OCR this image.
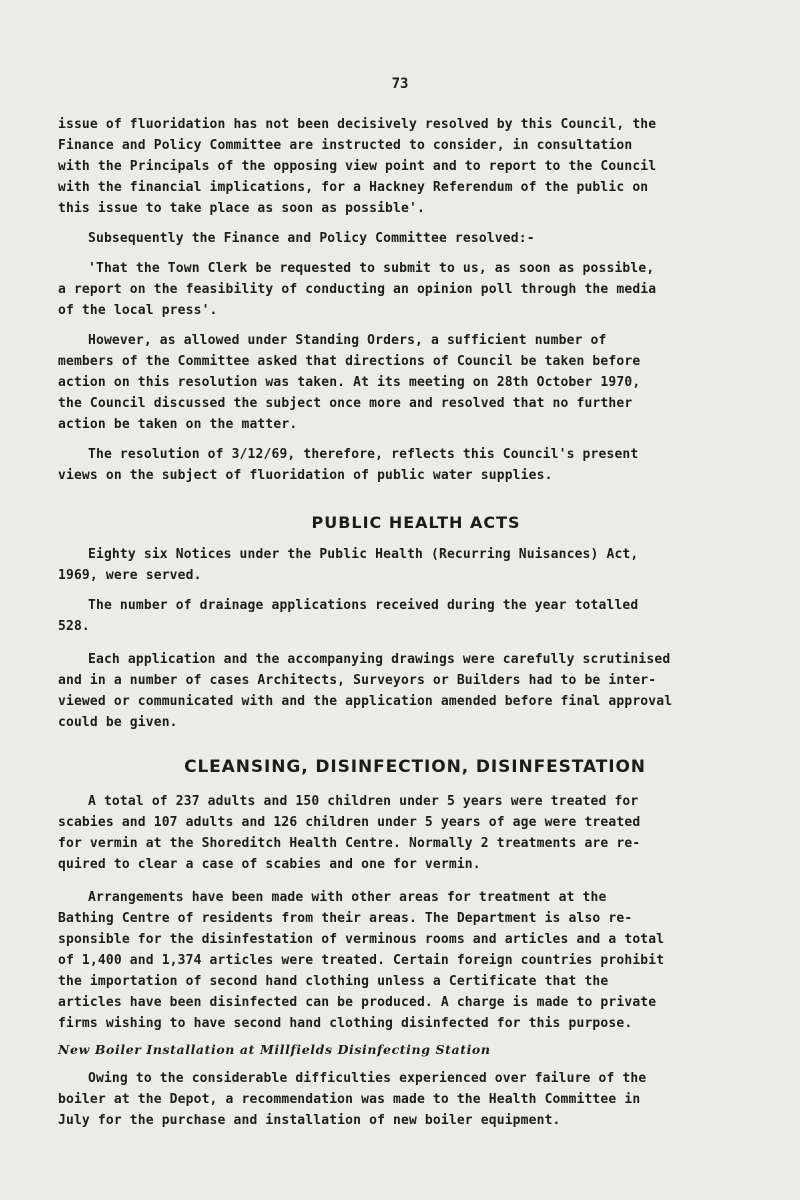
73

issue of fluoridation has not been decisively resolved by this Council, the
Finance and Policy Committee are instructed to consider, in consultation
with the Principals of the opposing view point and to report to the Council
with the financial implications, for a Hackney Referendum of the public on
this issue to take place as soon as possible'.

Subsequently the Finance and Policy Committee resolved:-

'That the Town Clerk be requested to submit to us, as soon as possible,
a report on the feasibility of conducting an opinion poll through the media
of the local press'.

However, as allowed under Standing Orders, a sufficient number of
members of the Committee asked that directions of Council be taken before
action on this resolution was taken. At its meeting on 28th October 1970,
the Council discussed the subject once more and resolved that no further
action be taken on the matter.

The resolution of 3/12/69, therefore, reflects this Council's present
views on the subject of fluoridation of public water supplies.

PUBLIC HEALTH ACTS

Eighty six Notices under the Public Health (Recurring Nuisances) Act,
1969, were served.

The number of drainage applications received during the year totalled
528.

Each application and the accompanying drawings were carefully scrutinised
and in a number of cases Architects, Surveyors or Builders had to be inter-
viewed or communicated with and the application amended before final approval
could be given.

CLEANSING, DISINFECTION, DISINFESTATION

A total of 237 adults and 150 children under 5 years were treated for
scabies and 107 adults and 126 children under 5 years of age were treated
for vermin at the Shoreditch Health Centre. Normally 2 treatments are re-
quired to clear a case of scabies and one for vermin.

Arrangements have been made with other areas for treatment at the
Bathing Centre of residents from their areas. The Department is also re-
sponsible for the disinfestation of verminous rooms and articles and a total
of 1,400 and 1,374 articles were treated. Certain foreign countries prohibit
the importation of second hand clothing unless a Certificate that the
articles have been disinfected can be produced. A charge is made to private
firms wishing to have second hand clothing disinfected for this purpose.

New Boiler Installation at Millfields Disinfecting Station

Owing to the considerable difficulties experienced over failure of the
boiler at the Depot, a recommendation was made to the Health Committee in
July for the purchase and installation of new boiler equipment.
